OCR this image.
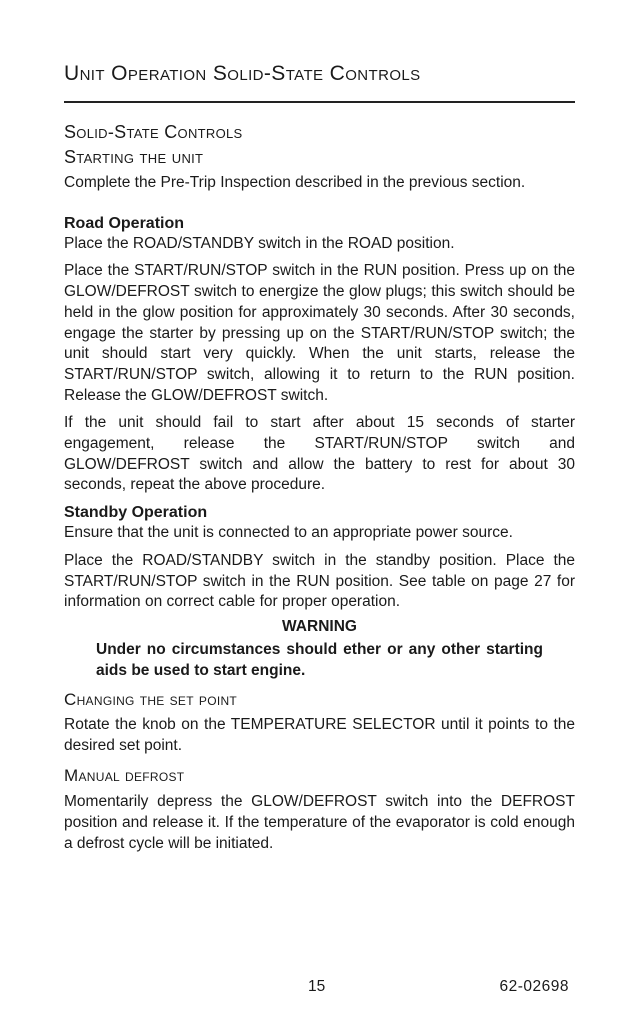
Unit Operation Solid-State Controls
Solid-State Controls
Starting the unit

Complete the Pre-Trip Inspection described in the previous section.

Road Operation

Place the ROAD/STANDBY switch in the ROAD position.

Place the START/RUN/STOP switch in the RUN position. Press up on the GLOW/DEFROST switch to energize the glow plugs; this switch should be held in the glow position for approximately 30 seconds. After 30 seconds, engage the starter by pressing up on the START/RUN/STOP switch; the unit should start very quickly. When the unit starts, release the START/RUN/STOP switch, allowing it to return to the RUN position. Release the GLOW/DEFROST switch.

If the unit should fail to start after about 15 seconds of starter engagement, release the START/RUN/STOP switch and GLOW/DEFROST switch and allow the battery to rest for about 30 seconds, repeat the above procedure.

Standby Operation

Ensure that the unit is connected to an appropriate power source.

Place the ROAD/STANDBY switch in the standby position. Place the START/RUN/STOP switch in the RUN position. See table on page 27 for information on correct cable for proper operation.

WARNING
Under no circumstances should ether or any other starting aids be used to start engine.
Changing the set point

Rotate the knob on the TEMPERATURE SELECTOR until it points to the desired set point.

Manual defrost

Momentarily depress the GLOW/DEFROST switch into the DEFROST position and release it. If the temperature of the evaporator is cold enough a defrost cycle will be initiated.

15	62-02698
